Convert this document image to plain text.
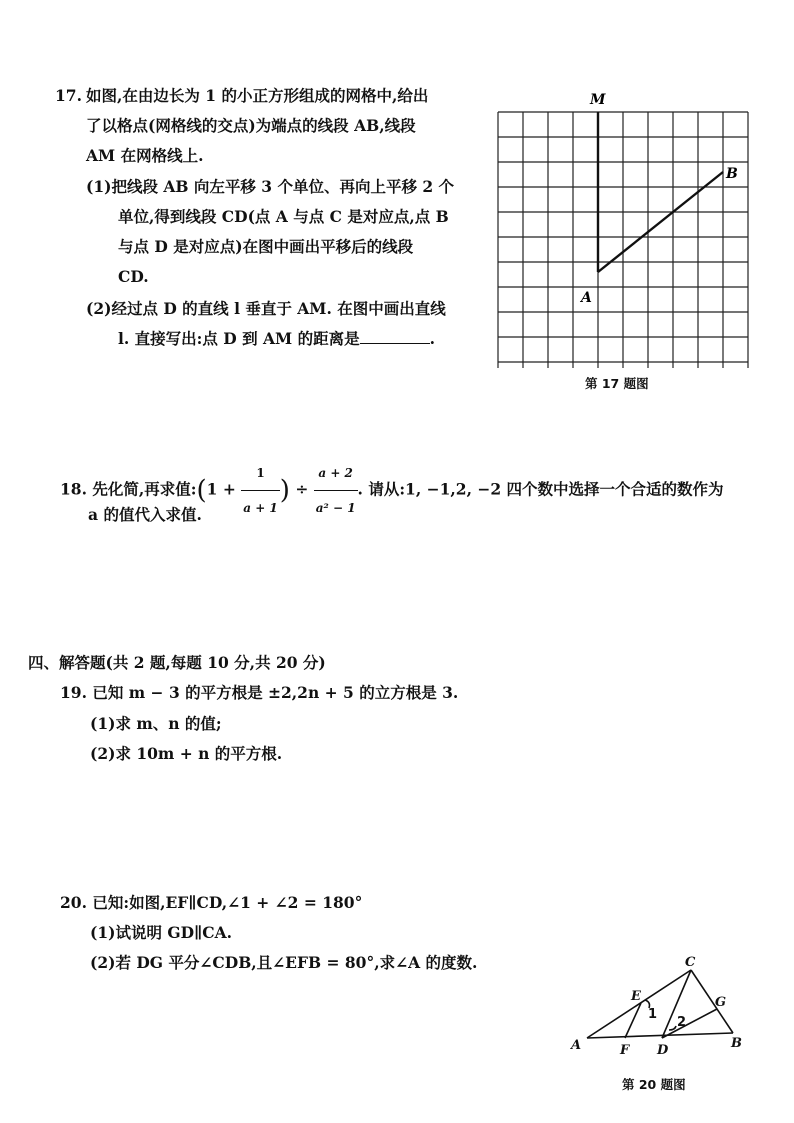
17. 如图,在由边长为 1 的小正方形组成的网格中,给出
了以格点(网格线的交点)为端点的线段 AB,线段
AM 在网格线上.
(1)把线段 AB 向左平移 3 个单位、再向上平移 2 个
单位,得到线段 CD(点 A 与点 C 是对应点,点 B
与点 D 是对应点)在图中画出平移后的线段
CD.
(2)经过点 D 的直线 l 垂直于 AM. 在图中画出直线
l. 直接写出:点 D 到 AM 的距离是	.
M
A
B
第 17 题图
18. 先化简,再求值:(1 + $\frac{1}{a + 1}$ ) ÷ $\frac{a + 2}{\text{a² − 1}}$ . 请从:1, −1,2, −2 四个数中选择一个合适的数作为
a 的值代入求值.
四、解答题(共 2 题,每题 10 分,共 20 分)
19. 已知 m − 3 的平方根是 ±2,2n + 5 的立方根是 3.
(1)求 m、n 的值;
(2)求 10m + n 的平方根.
20. 已知:如图,EF∥CD,∠1 + ∠2 = 180°
(1)试说明 GD∥CA.
(2)若 DG 平分∠CDB,且∠EFB = 80°,求∠A 的度数.	C
E	G
A	F D	B
1
2
第 20 题图
